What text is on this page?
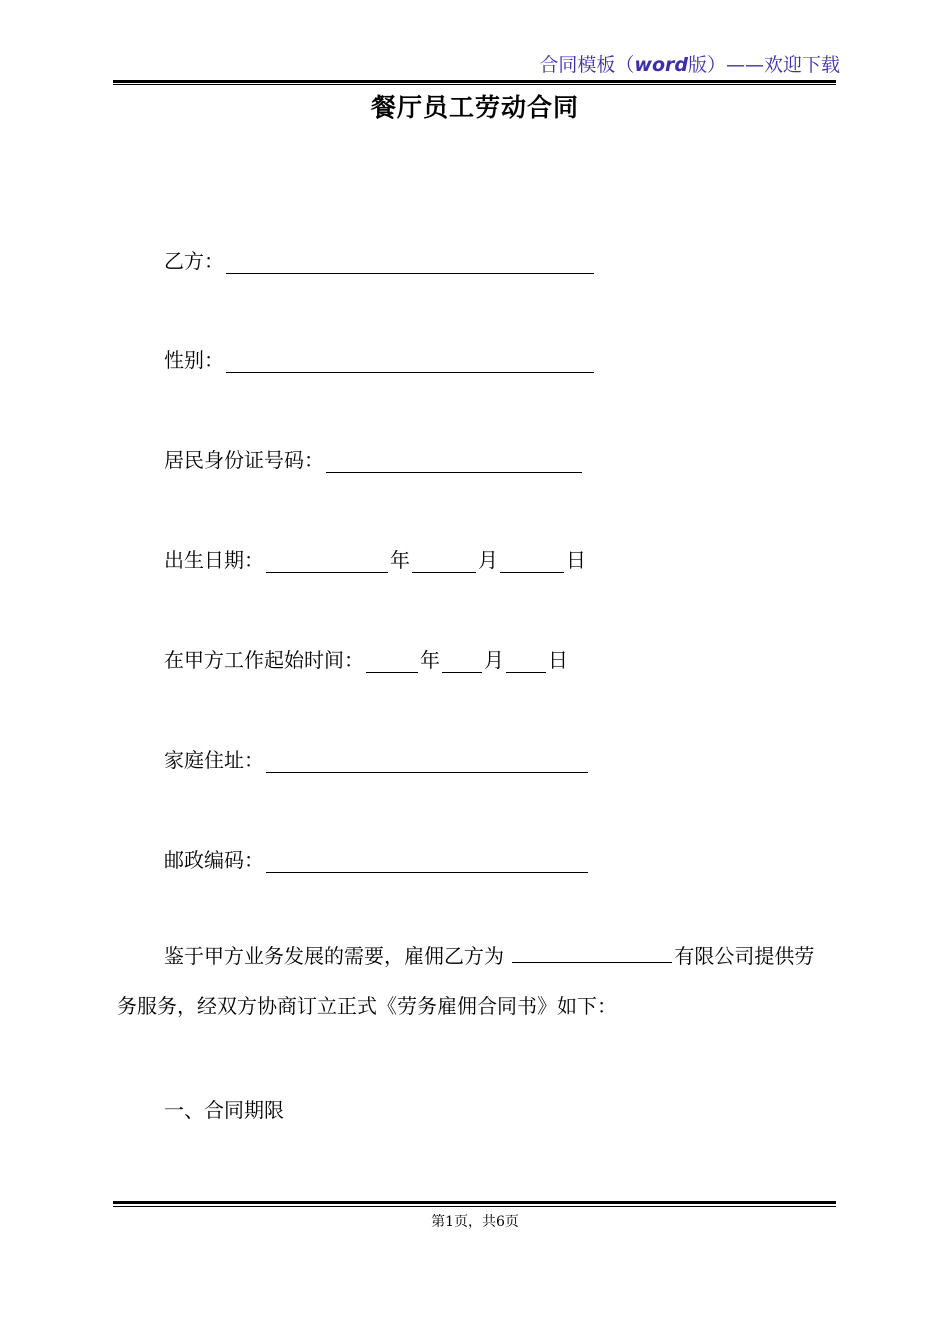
合同模板（word版）——欢迎下载
餐厅员工劳动合同
乙方：
性别：
居民身份证号码：
出生日期：	年	月	日
在甲方工作起始时间：	年 月 日
家庭住址：
邮政编码：
鉴于甲方业务发展的需要，雇佣乙方为	有限公司提供劳务服务，经双方协商订立正式《劳务雇佣合同书》如下：
一、合同期限
第1页，共6页
